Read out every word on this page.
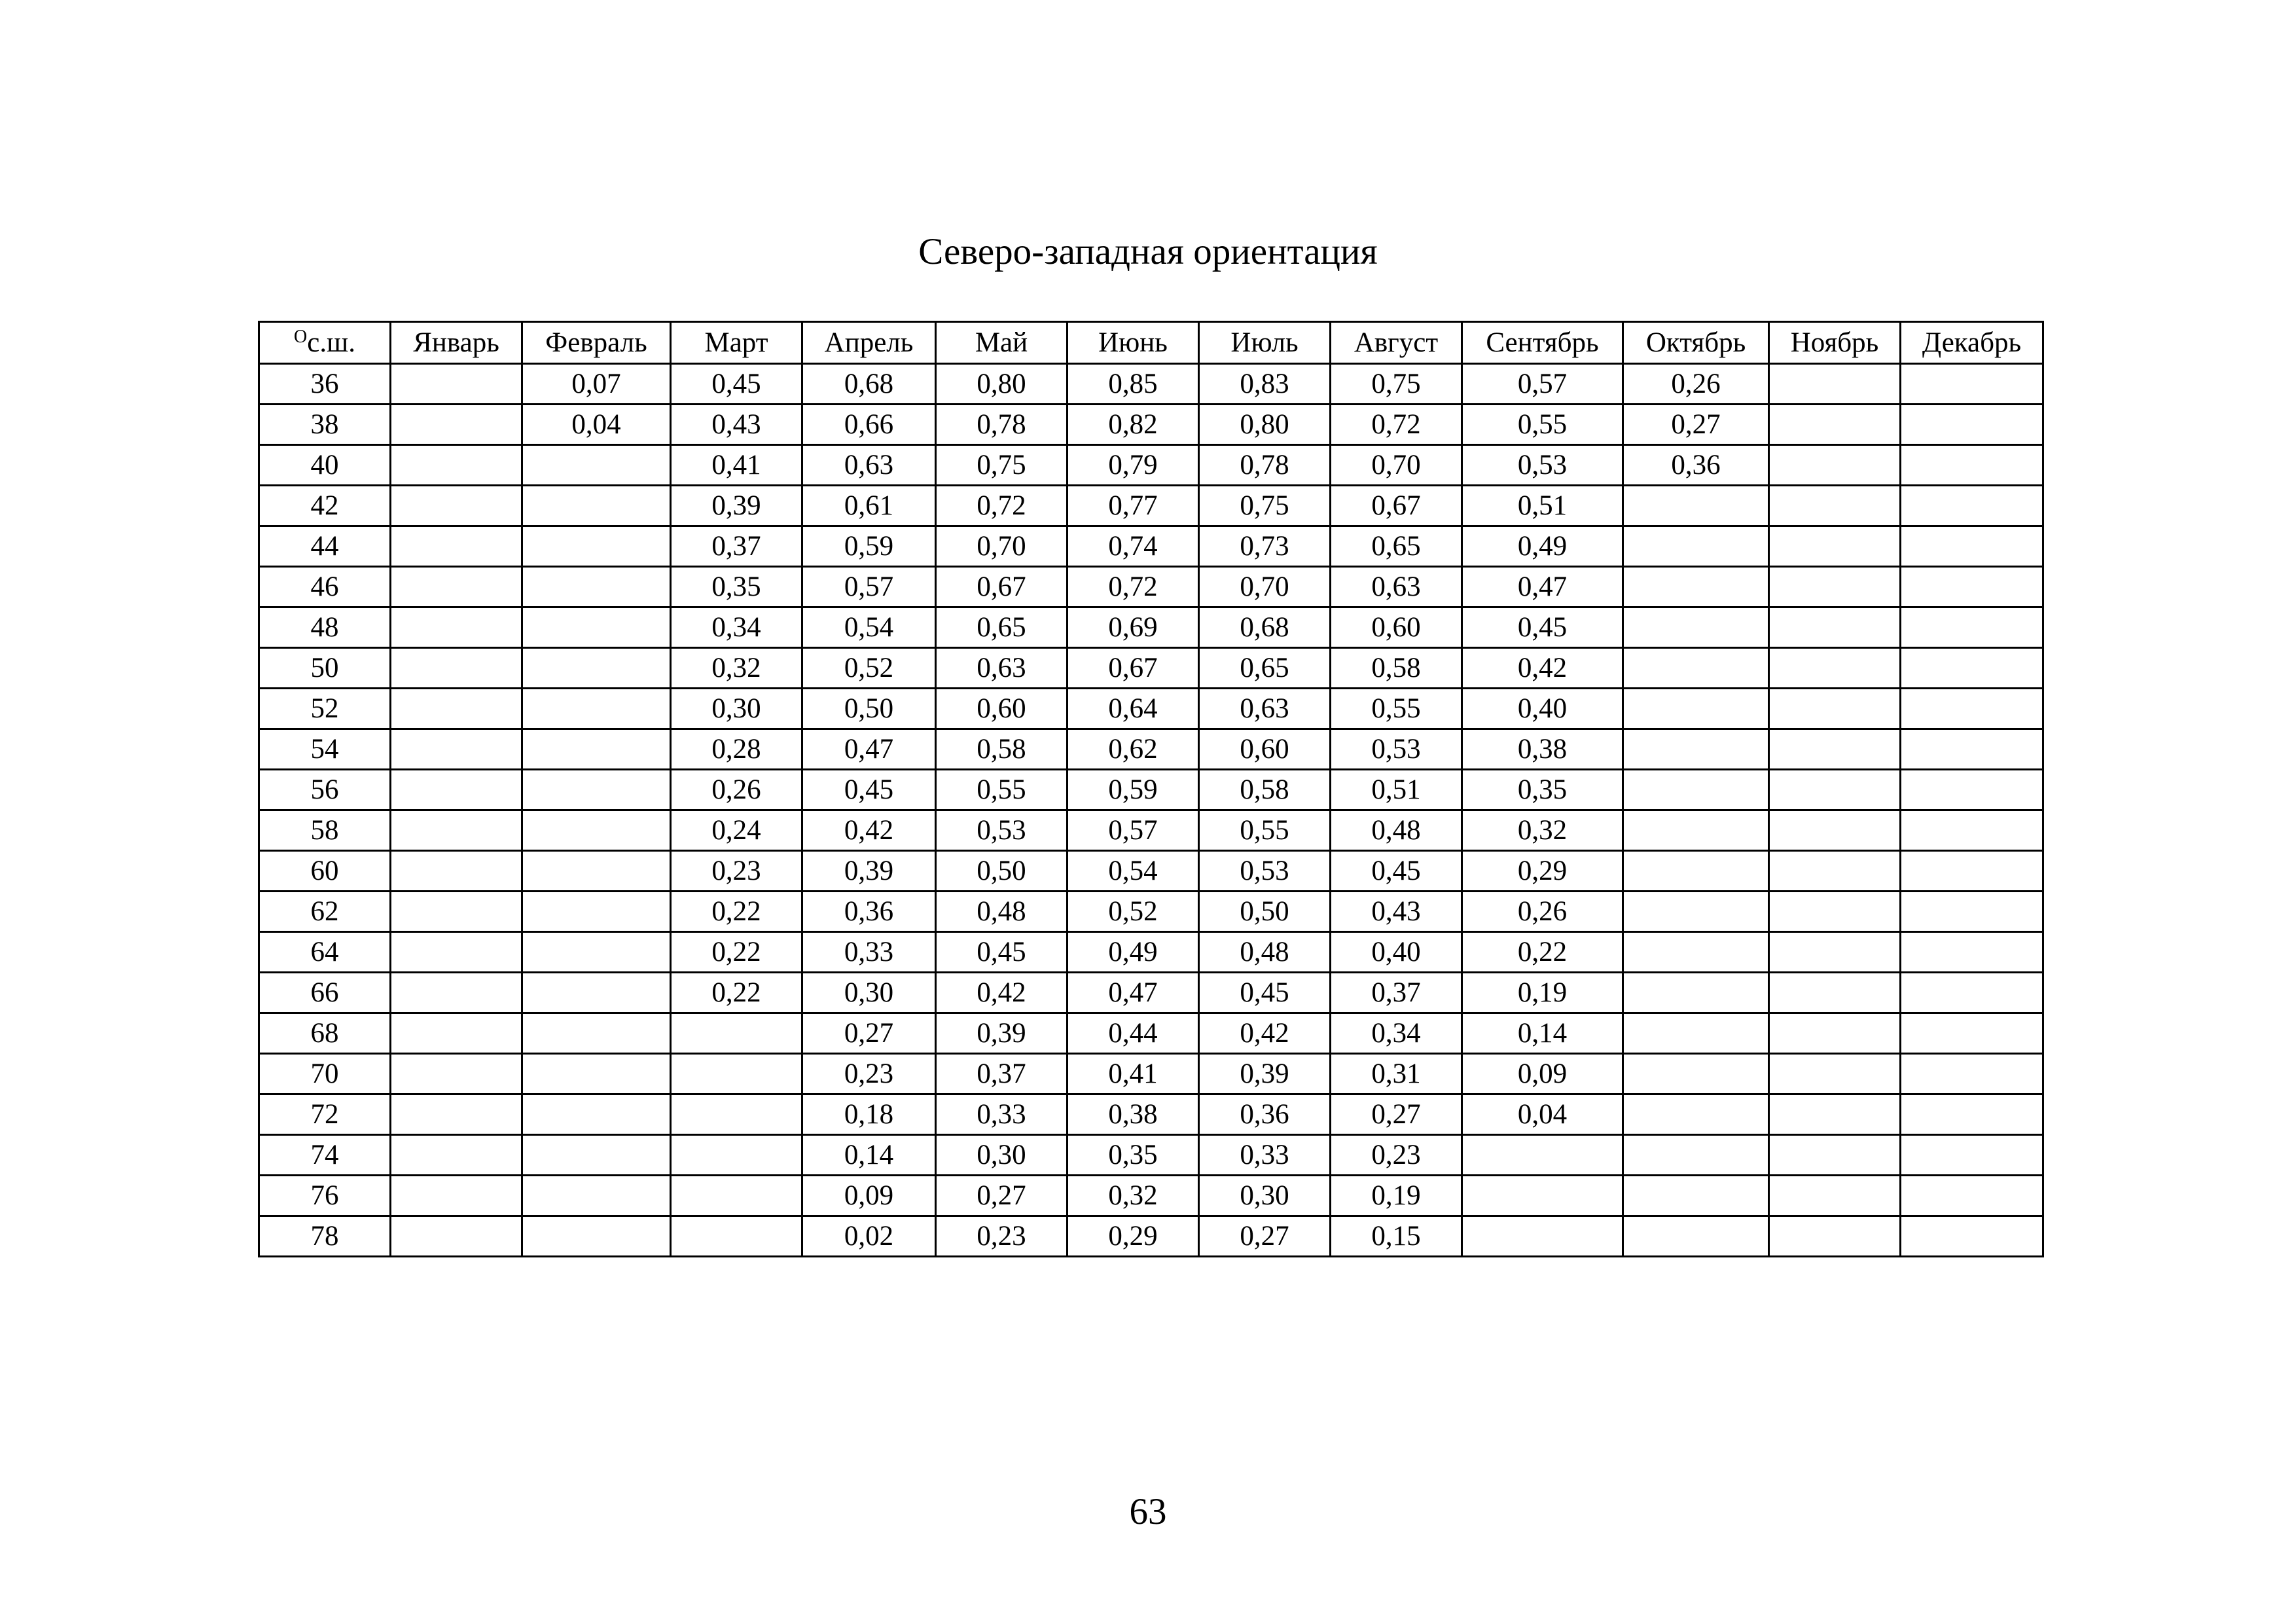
Северо-западная ориентация
$^О$с.ш.	Январь	Февраль	Март	Апрель	Май	Июнь	Июль	Август	Сентябрь	Октябрь	Ноябрь	Декабрь
36		0,07	0,45	0,68	0,80	0,85	0,83	0,75	0,57	0,26		
38		0,04	0,43	0,66	0,78	0,82	0,80	0,72	0,55	0,27		
40			0,41	0,63	0,75	0,79	0,78	0,70	0,53	0,36		
42			0,39	0,61	0,72	0,77	0,75	0,67	0,51			
44			0,37	0,59	0,70	0,74	0,73	0,65	0,49			
46			0,35	0,57	0,67	0,72	0,70	0,63	0,47			
48			0,34	0,54	0,65	0,69	0,68	0,60	0,45			
50			0,32	0,52	0,63	0,67	0,65	0,58	0,42			
52			0,30	0,50	0,60	0,64	0,63	0,55	0,40			
54			0,28	0,47	0,58	0,62	0,60	0,53	0,38			
56			0,26	0,45	0,55	0,59	0,58	0,51	0,35			
58			0,24	0,42	0,53	0,57	0,55	0,48	0,32			
60			0,23	0,39	0,50	0,54	0,53	0,45	0,29			
62			0,22	0,36	0,48	0,52	0,50	0,43	0,26			
64			0,22	0,33	0,45	0,49	0,48	0,40	0,22			
66			0,22	0,30	0,42	0,47	0,45	0,37	0,19			
68				0,27	0,39	0,44	0,42	0,34	0,14			
70				0,23	0,37	0,41	0,39	0,31	0,09			
72				0,18	0,33	0,38	0,36	0,27	0,04			
74				0,14	0,30	0,35	0,33	0,23				
76				0,09	0,27	0,32	0,30	0,19				
78				0,02	0,23	0,29	0,27	0,15				
63
